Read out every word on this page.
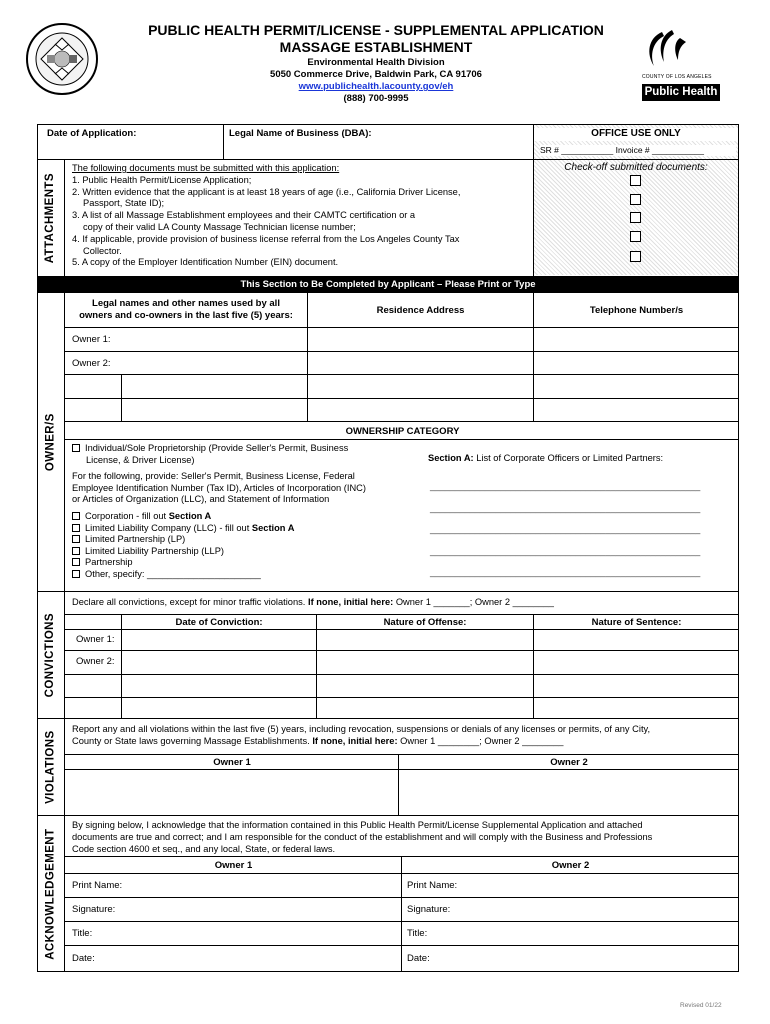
PUBLIC HEALTH PERMIT/LICENSE - SUPPLEMENTAL APPLICATION
MASSAGE ESTABLISHMENT
Environmental Health Division
5050 Commerce Drive, Baldwin Park, CA 91706
www.publichealth.lacounty.gov/eh
(888) 700-9995
COUNTY OF LOS ANGELES
Public Health
Date of Application:	Legal Name of Business (DBA):	OFFICE USE ONLY
SR # ___________ Invoice # ___________
Check-off submitted documents:
ATTACHMENTS
The following documents must be submitted with this application:
1. Public Health Permit/License Application;
2. Written evidence that the applicant is at least 18 years of age (i.e., California Driver License,
Passport, State ID);
3. A list of all Massage Establishment employees and their CAMTC certification or a
copy of their valid LA County Massage Technician license number;
4. If applicable, provide provision of business license referral from the Los Angeles County Tax
Collector.
5. A copy of the Employer Identification Number (EIN) document.
This Section to Be Completed by Applicant – Please Print or Type
OWNER/S
Legal names and other names used by all
owners and co-owners in the last five (5) years:	Residence Address	Telephone Number/s
Owner 1:
Owner 2:
OWNERSHIP CATEGORY
Individual/Sole Proprietorship (Provide Seller's Permit, Business
License, & Driver License)
For the following, provide: Seller's Permit, Business License, Federal
Employee Identification Number (Tax ID), Articles of Incorporation (INC)
or Articles of Organization (LLC), and Statement of Information
Corporation - fill out Section A
Limited Liability Company (LLC) - fill out Section A
Limited Partnership (LP)
Limited Liability Partnership (LLP)
Partnership
Other, specify: ______________________
Section A: List of Corporate Officers or Limited Partners:
______________________________________________________
______________________________________________________
______________________________________________________
______________________________________________________
______________________________________________________
CONVICTIONS
Declare all convictions, except for minor traffic violations. If none, initial here: Owner 1 _______; Owner 2 ________
Date of Conviction:	Nature of Offense:	Nature of Sentence:
Owner 1:
Owner 2:
VIOLATIONS
Report any and all violations within the last five (5) years, including revocation, suspensions or denials of any licenses or permits, of any City,
County or State laws governing Massage Establishments. If none, initial here: Owner 1 ________; Owner 2 ________
Owner 1	Owner 2
ACKNOWLEDGEMENT
By signing below, I acknowledge that the information contained in this Public Health Permit/License Supplemental Application and attached
documents are true and correct; and I am responsible for the conduct of the establishment and will comply with the Business and Professions
Code section 4600 et seq., and any local, State, or federal laws.
Owner 1	Owner 2
Print Name:	Print Name:
Signature:	Signature:
Title:	Title:
Date:	Date:
Revised 01/22
